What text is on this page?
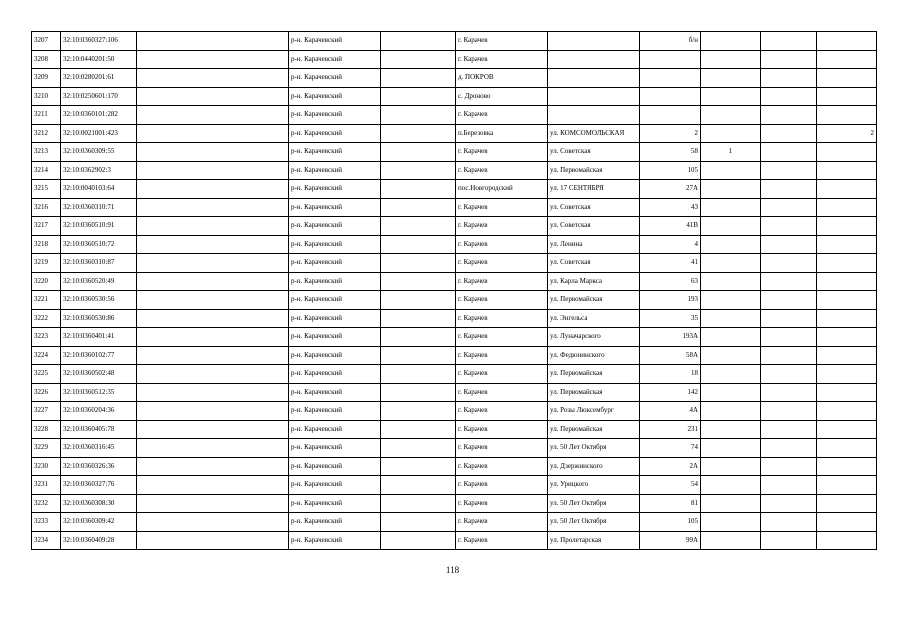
3207	32:10:0360327:106		р-н. Карачевский		г. Карачев		б/н			
3208	32:10:0440201:50		р-н. Карачевский		г. Карачев					
3209	32:10:0280201:61		р-н. Карачевский		д. ПОКРОВ					
3210	32:10:0250601:170		р-н. Карачевский		с. Дроново					
3211	32:10:0360101:282		р-н. Карачевский		г. Карачев					
3212	32:10:0021001:423		р-н. Карачевский		п.Березовка	ул. КОМСОМОЛЬСКАЯ	2			2
3213	32:10:0360309:55		р-н. Карачевский		г. Карачев	ул. Советская	58	1		
3214	32:10:0362902:3		р-н. Карачевский		г. Карачев	ул. Первомайская	105			
3215	32:10:0040103:64		р-н. Карачевский		пос.Новгородский	ул. 17 СЕНТЯБРЯ	27А			
3216	32:10:0360310:71		р-н. Карачевский		г. Карачев	ул. Советская	43			
3217	32:10:0360510:91		р-н. Карачевский		г. Карачев	ул. Советская	41В			
3218	32:10:0360510:72		р-н. Карачевский		г. Карачев	ул. Ленина	4			
3219	32:10:0360310:87		р-н. Карачевский		г. Карачев	ул. Советская	41			
3220	32:10:0360520:49		р-н. Карачевский		г. Карачев	ул. Карла Маркса	63			
3221	32:10:0360530:56		р-н. Карачевский		г. Карачев	ул. Первомайская	193			
3222	32:10:0360530:86		р-н. Карачевский		г. Карачев	ул. Энгельса	35			
3223	32:10:0360401:41		р-н. Карачевский		г. Карачев	ул. Луначарского	193А			
3224	32:10:0360102:77		р-н. Карачевский		г. Карачев	ул. Федюнинского	58А			
3225	32:10:0360502:48		р-н. Карачевский		г. Карачев	ул. Первомайская	18			
3226	32:10:0360512:35		р-н. Карачевский		г. Карачев	ул. Первомайская	142			
3227	32:10:0360204:36		р-н. Карачевский		г. Карачев	ул. Розы Люксембург	4А			
3228	32:10:0360405:78		р-н. Карачевский		г. Карачев	ул. Первомайская	231			
3229	32:10:0360316:45		р-н. Карачевский		г. Карачев	ул. 50 Лет Октября	74			
3230	32:10:0360326:36		р-н. Карачевский		г. Карачев	ул. Дзержинского	2А			
3231	32:10:0360327:76		р-н. Карачевский		г. Карачев	ул. Урицкого	54			
3232	32:10:0360308:30		р-н. Карачевский		г. Карачев	ул. 50 Лет Октября	81			
3233	32:10:0360309:42		р-н. Карачевский		г. Карачев	ул. 50 Лет Октября	105			
3234	32:10:0360409:28		р-н. Карачевский		г. Карачев	ул. Пролетарская	99А			
118
